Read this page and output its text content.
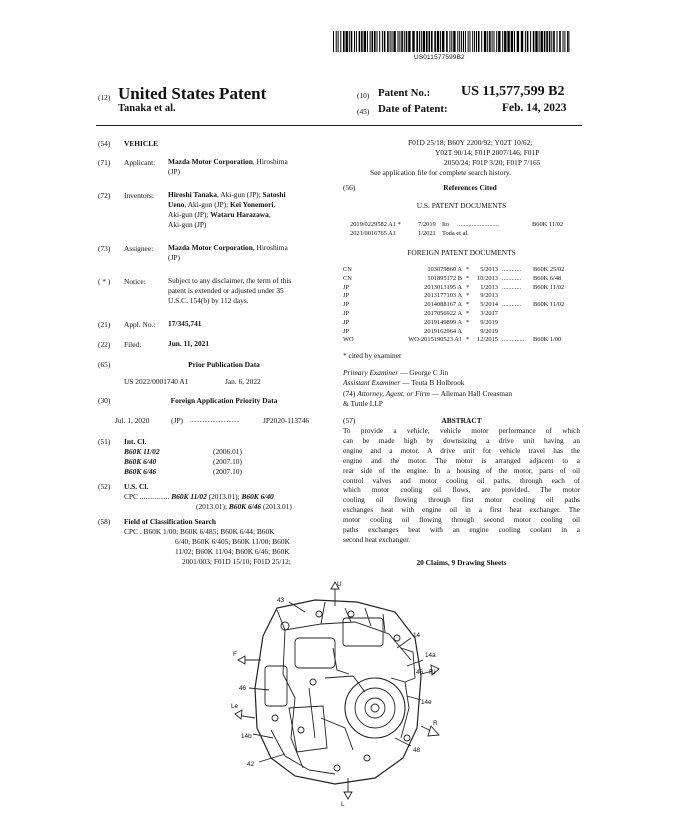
US011577599B2
(12) United States Patent
Tanaka et al.
(10) Patent No.: US 11,577,599 B2
(45) Date of Patent:	Feb. 14, 2023
(54) VEHICLE
(71) Applicant: Mazda Motor Corporation, Hiroshima
(JP)
(72) Inventors: Hiroshi Tanaka, Aki-gun (JP); Satoshi
Ueno, Aki-gun (JP); Kei Yonemori,
Aki-gun (JP); Wataru Harazawa,
Aki-gun (JP)
(73) Assignee: Mazda Motor Corporation, Hiroshima
(JP)
( * ) Notice:	Subject to any disclaimer, the term of this
patent is extended or adjusted under 35
U.S.C. 154(b) by 112 days.
(21) Appl. No.: 17/345,741
(22) Filed:	Jun. 11, 2021
(65)	Prior Publication Data
US 2022/0001740 A1	Jan. 6, 2022
(30)	Foreign Application Priority Data
Jul. 1, 2020	(JP) ...............................	JP2020-113746
(51) Int. Cl.
B60K 11/02	(2006.01)
B60K 6/40	(2007.10)
B60K 6/46	(2007.10)
(52) U.S. Cl.
CPC ................ B60K 11/02 (2013.01); B60K 6/40
(2013.01); B60K 6/46 (2013.01)
(58) Field of Classification Search
CPC . B60K 1/00; B60K 6/485; B60K 6/44; B60K
6/40; B60K 6/405; B60K 11/00; B60K
11/02; B60K 11/04; B60K 6/46; B60K
2001/003; F01D 15/10; F01D 25/12;
F01D 25/18; B60Y 2200/92; Y02T 10/62;
Y02T 90/14; F01P 2007/146; F01P
2050/24; F01P 3/20; F01P 7/165
See application file for complete search history.
(56)	References Cited
U.S. PATENT DOCUMENTS
2019/0229582 A1 *	7/2019 Ito .........................	B60K 11/02
2021/0016765 A1	1/2021 Toda et al.
FOREIGN PATENT DOCUMENTS
CN	103079860 A *	5/2013 ............ B60K 25/02
CN	101895172 B *	10/2013 ............ B60K 6/48
JP	2013013195 A *	1/2013 ............ B60K 11/02
JP	2013177103 A *	9/2013
JP	2014088167 A *	5/2014 ............ B60K 11/02
JP	2017056922 A *	3/2017
JP	2019149899 A *	9/2019
JP	2019162964 A	9/2019
WO	WO-2015190523 A1 *	12/2015 .............. B60K 1/00
* cited by examiner
Primary Examiner — George C Jin
Assistant Examiner — Teuta B Holbrook
(74) Attorney, Agent, or Firm — Alleman Hall Creasman
& Tuttle LLP
(57)	ABSTRACT
To provide a vehicle, vehicle motor performance of which
can be made high by downsizing a drive unit having an
engine and a motor. A drive unit for vehicle travel has the
engine and the motor. The motor is arranged adjacent to a
rear side of the engine. In a housing of the motor, parts of oil
control valves and motor cooling oil paths, through each of
which motor cooling oil flows, are provided. The motor
cooling oil flowing through first motor cooling oil paths
exchanges heat with engine oil in a first heat exchanger. The
motor cooling oil flowing through second motor cooling oil
paths exchanges heat with an engine cooling coolant in a
second heat exchanger.
20 Claims, 9 Drawing Sheets
U
43
14
14a
45 Ri
F
46
14e
Le
R
14b
48
42
L
